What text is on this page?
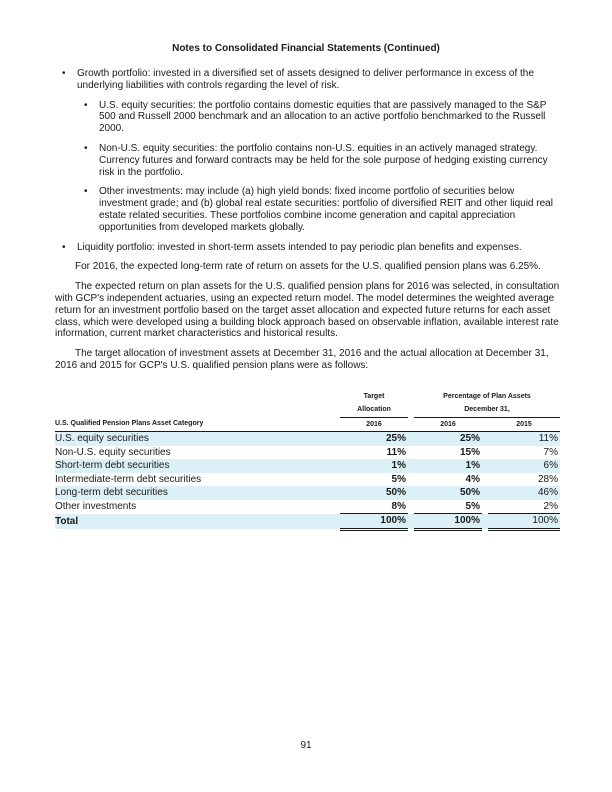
Notes to Consolidated Financial Statements (Continued)
• Growth portfolio: invested in a diversified set of assets designed to deliver performance in excess of the underlying liabilities with controls regarding the level of risk.
• U.S. equity securities: the portfolio contains domestic equities that are passively managed to the S&P 500 and Russell 2000 benchmark and an allocation to an active portfolio benchmarked to the Russell 2000.
• Non-U.S. equity securities: the portfolio contains non-U.S. equities in an actively managed strategy. Currency futures and forward contracts may be held for the sole purpose of hedging existing currency risk in the portfolio.
• Other investments: may include (a) high yield bonds: fixed income portfolio of securities below investment grade; and (b) global real estate securities: portfolio of diversified REIT and other liquid real estate related securities. These portfolios combine income generation and capital appreciation opportunities from developed markets globally.
• Liquidity portfolio: invested in short-term assets intended to pay periodic plan benefits and expenses.

For 2016, the expected long-term rate of return on assets for the U.S. qualified pension plans was 6.25%.

The expected return on plan assets for the U.S. qualified pension plans for 2016 was selected, in consultation with GCP's independent actuaries, using an expected return model. The model determines the weighted average return for an investment portfolio based on the target asset allocation and expected future returns for each asset class, which were developed using a building block approach based on observable inflation, available interest rate information, current market characteristics and historical results.

The target allocation of investment assets at December 31, 2016 and the actual allocation at December 31, 2016 and 2015 for GCP's U.S. qualified pension plans were as follows:

	Target Allocation		Percentage of Plan Assets December 31,		
U.S. Qualified Pension Plans Asset Category	2016		2016		2015
U.S. equity securities	25%		25%		11%
Non-U.S. equity securities	11%		15%		7%
Short-term debt securities	1%		1%		6%
Intermediate-term debt securities	5%		4%		28%
Long-term debt securities	50%		50%		46%
Other investments	8%		5%		2%
Total	100%		100%		100%
91
